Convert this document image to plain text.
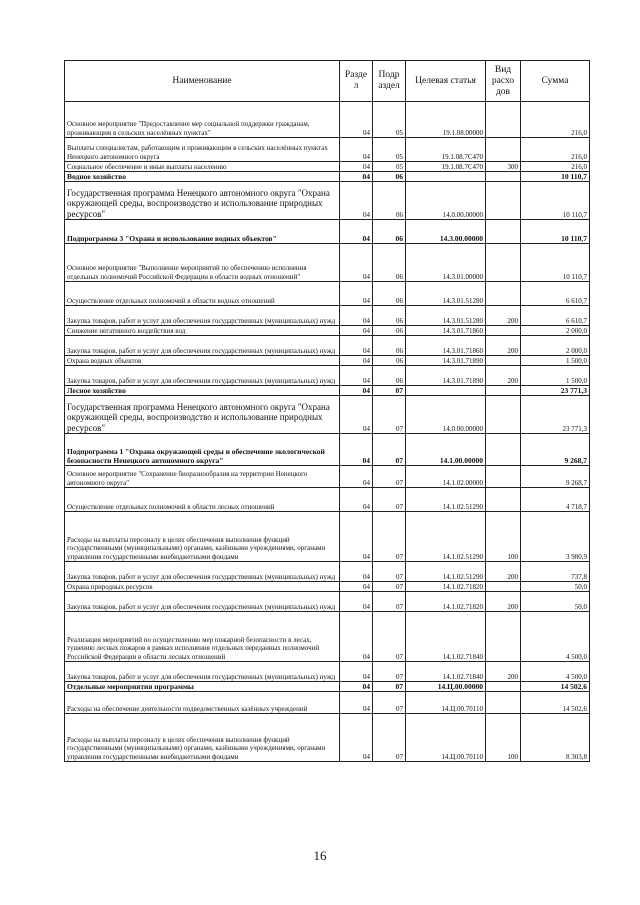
Наименование	Разде л	Подр аздел	Целевая статья	Вид расхо дов	Сумма
Основное мероприятие "Предоставление мер социальной поддержки гражданам, проживающим в сельских населённых пунктах"	04	05	19.1.08.00000		216,0
Выплаты специалистам, работающим и проживающим в сельских населённых пунктах Ненецкого автономного округа	04	05	19.1.08.7С470		216,0
Социальное обеспечение и иные выплаты населению	04	05	19.1.08.7С470	300	216,0
Водное хозяйство	04	06			10 110,7
Государственная программа Ненецкого автономного округа "Охрана окружающей среды, воспроизводство и использование природных ресурсов"	04	06	14.0.00.00000		10 110,7
Подпрограмма 3 "Охрана и использование водных объектов"	04	06	14.3.00.00000		10 110,7
Основное мероприятие "Выполнение мероприятий по обеспечению исполнения отдельных полномочий Российской Федерации в области водных отношений"	04	06	14.3.01.00000		10 110,7
Осуществление отдельных полномочий в области водных отношений	04	06	14.3.01.51280		6 610,7
Закупка товаров, работ и услуг для обеспечения государственных (муниципальных) нужд	04	06	14.3.01.51280	200	6 610,7
Снижение негативного воздействия вод	04	06	14.3.01.71860		2 000,0
Закупка товаров, работ и услуг для обеспечения государственных (муниципальных) нужд	04	06	14.3.01.71860	200	2 000,0
Охрана водных объектов	04	06	14.3.01.71890		1 500,0
Закупка товаров, работ и услуг для обеспечения государственных (муниципальных) нужд	04	06	14.3.01.71890	200	1 500,0
Лесное хозяйство	04	07			23 771,3
Государственная программа Ненецкого автономного округа "Охрана окружающей среды, воспроизводство и использование природных ресурсов"	04	07	14.0.00.00000		23 771,3
Подпрограмма 1 "Охрана окружающей среды и обеспечение экологической безопасности Ненецкого автономного округа"	04	07	14.1.00.00000		9 268,7
Основное мероприятие "Сохранение биоразнообразия на территории Ненецкого автономного округа"	04	07	14.1.02.00000		9 268,7
Осуществление отдельных полномочий в области лесных отношений	04	07	14.1.02.51290		4 718,7
Расходы на выплаты персоналу в целях обеспечения выполнения функций государственными (муниципальными) органами, казёнными учреждениями, органами управления государственными внебюджетными фондами	04	07	14.1.02.51290	100	3 980,9
Закупка товаров, работ и услуг для обеспечения государственных (муниципальных) нужд	04	07	14.1.02.51290	200	737,8
Охрана природных ресурсов	04	07	14.1.02.71820		50,0
Закупка товаров, работ и услуг для обеспечения государственных (муниципальных) нужд	04	07	14.1.02.71820	200	50,0
Реализация мероприятий по осуществлению мер пожарной безопасности в лесах, тушению лесных пожаров в рамках исполнения отдельных переданных полномочий Российской Федерации в области лесных отношений	04	07	14.1.02.71840		4 500,0
Закупка товаров, работ и услуг для обеспечения государственных (муниципальных) нужд	04	07	14.1.02.71840	200	4 500,0
Отдельные мероприятия программы	04	07	14.Ц.00.00000		14 502,6
Расходы на обеспечение деятельности подведомственных казённых учреждений	04	07	14.Ц.00.70110		14 502,6
Расходы на выплаты персоналу в целях обеспечения выполнения функций государственными (муниципальными) органами, казёнными учреждениями, органами управления государственными внебюджетными фондами	04	07	14.Ц.00.70110	100	8 303,8
16
